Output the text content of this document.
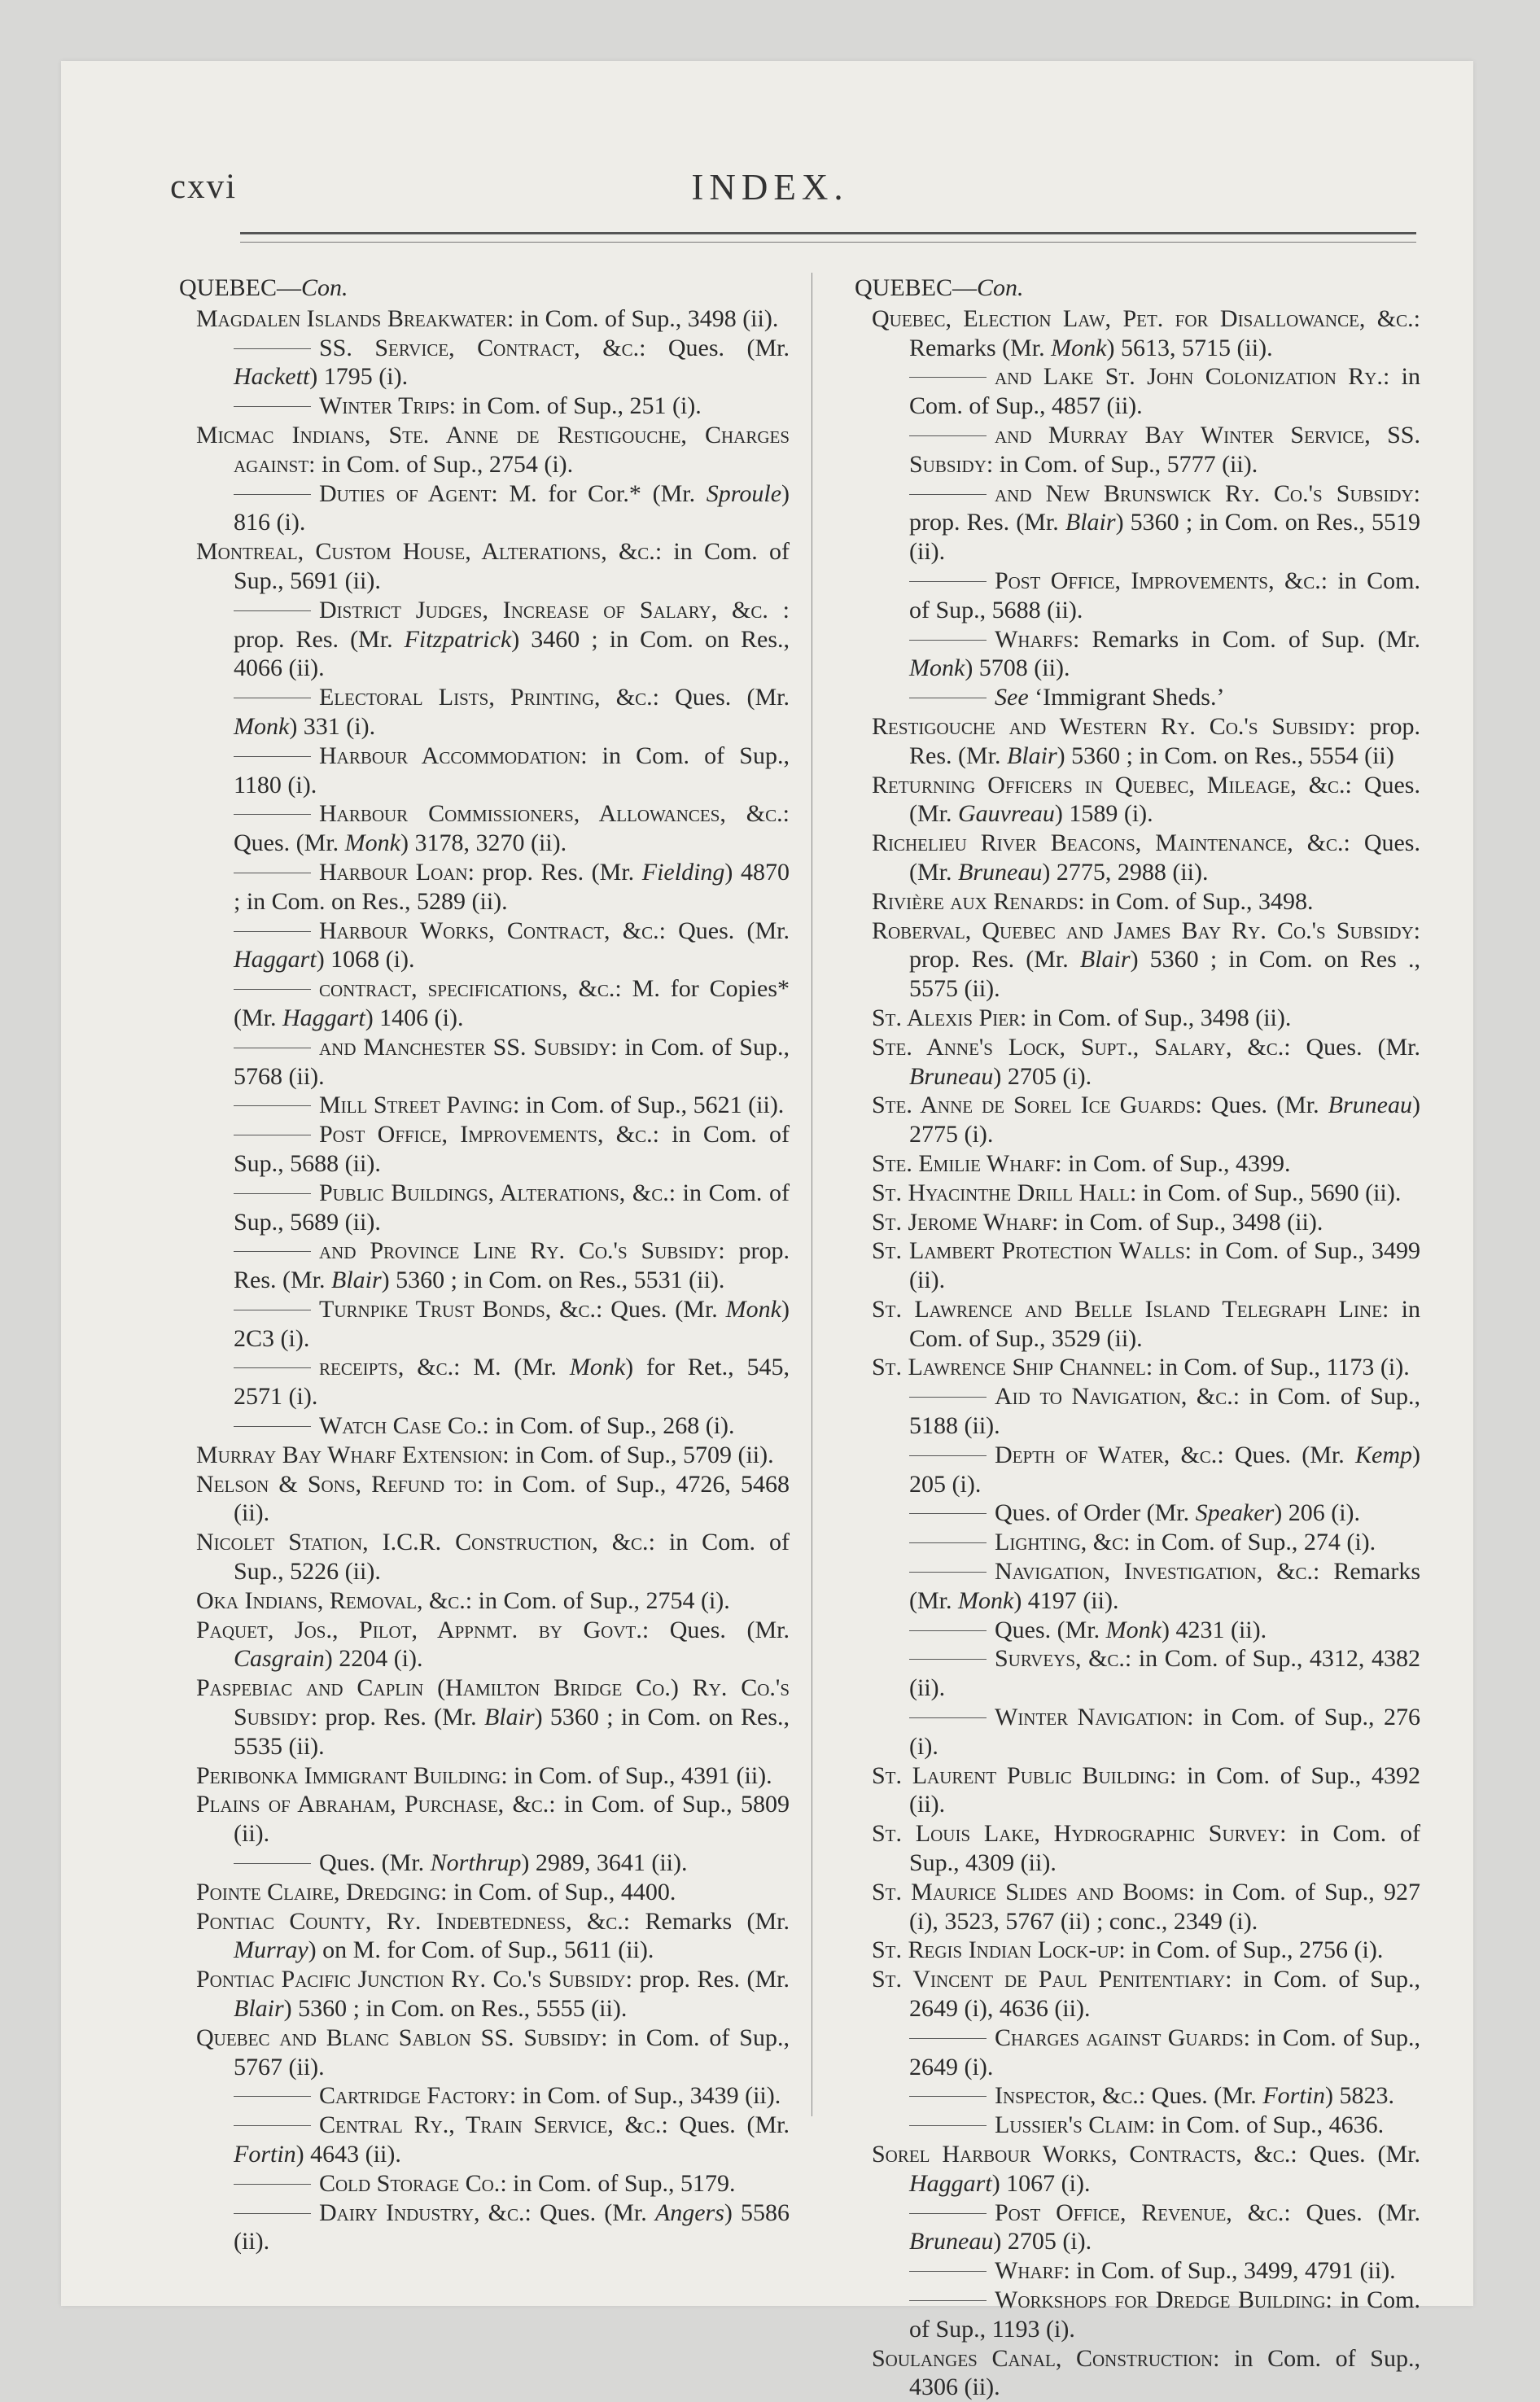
cxvi	INDEX.
QUEBEC—Con.
Magdalen Islands Breakwater: in Com. of Sup., 3498 (ii).
SS. Service, Contract, &c.: Ques. (Mr. Hackett) 1795 (i).
Winter Trips: in Com. of Sup., 251 (i).
Micmac Indians, Ste. Anne de Restigouche, Charges against: in Com. of Sup., 2754 (i).
Duties of Agent: M. for Cor.* (Mr. Sproule) 816 (i).
Montreal, Custom House, Alterations, &c.: in Com. of Sup., 5691 (ii).
District Judges, Increase of Salary, &c. : prop. Res. (Mr. Fitzpatrick) 3460 ; in Com. on Res., 4066 (ii).
Electoral Lists, Printing, &c.: Ques. (Mr. Monk) 331 (i).
Harbour Accommodation: in Com. of Sup., 1180 (i).
Harbour Commissioners, Allowances, &c.: Ques. (Mr. Monk) 3178, 3270 (ii).
Harbour Loan: prop. Res. (Mr. Fielding) 4870 ; in Com. on Res., 5289 (ii).
Harbour Works, Contract, &c.: Ques. (Mr. Haggart) 1068 (i).
contract, specifications, &c.: M. for Copies* (Mr. Haggart) 1406 (i).
and Manchester SS. Subsidy: in Com. of Sup., 5768 (ii).
Mill Street Paving: in Com. of Sup., 5621 (ii).
Post Office, Improvements, &c.: in Com. of Sup., 5688 (ii).
Public Buildings, Alterations, &c.: in Com. of Sup., 5689 (ii).
and Province Line Ry. Co.'s Subsidy: prop. Res. (Mr. Blair) 5360 ; in Com. on Res., 5531 (ii).
Turnpike Trust Bonds, &c.: Ques. (Mr. Monk) 2C3 (i).
receipts, &c.: M. (Mr. Monk) for Ret., 545, 2571 (i).
Watch Case Co.: in Com. of Sup., 268 (i).
Murray Bay Wharf Extension: in Com. of Sup., 5709 (ii).
Nelson & Sons, Refund to: in Com. of Sup., 4726, 5468 (ii).
Nicolet Station, I.C.R. Construction, &c.: in Com. of Sup., 5226 (ii).
Oka Indians, Removal, &c.: in Com. of Sup., 2754 (i).
Paquet, Jos., Pilot, Appnmt. by Govt.: Ques. (Mr. Casgrain) 2204 (i).
Paspebiac and Caplin (Hamilton Bridge Co.) Ry. Co.'s Subsidy: prop. Res. (Mr. Blair) 5360 ; in Com. on Res., 5535 (ii).
Peribonka Immigrant Building: in Com. of Sup., 4391 (ii).
Plains of Abraham, Purchase, &c.: in Com. of Sup., 5809 (ii).
Ques. (Mr. Northrup) 2989, 3641 (ii).
Pointe Claire, Dredging: in Com. of Sup., 4400.
Pontiac County, Ry. Indebtedness, &c.: Remarks (Mr. Murray) on M. for Com. of Sup., 5611 (ii).
Pontiac Pacific Junction Ry. Co.'s Subsidy: prop. Res. (Mr. Blair) 5360 ; in Com. on Res., 5555 (ii).
Quebec and Blanc Sablon SS. Subsidy: in Com. of Sup., 5767 (ii).
Cartridge Factory: in Com. of Sup., 3439 (ii).
Central Ry., Train Service, &c.: Ques. (Mr. Fortin) 4643 (ii).
Cold Storage Co.: in Com. of Sup., 5179.
Dairy Industry, &c.: Ques. (Mr. Angers) 5586 (ii).
QUEBEC—Con.
Quebec, Election Law, Pet. for Disallowance, &c.: Remarks (Mr. Monk) 5613, 5715 (ii).
and Lake St. John Colonization Ry.: in Com. of Sup., 4857 (ii).
and Murray Bay Winter Service, SS. Subsidy: in Com. of Sup., 5777 (ii).
and New Brunswick Ry. Co.'s Subsidy: prop. Res. (Mr. Blair) 5360 ; in Com. on Res., 5519 (ii).
Post Office, Improvements, &c.: in Com. of Sup., 5688 (ii).
Wharfs: Remarks in Com. of Sup. (Mr. Monk) 5708 (ii).
See ‘Immigrant Sheds.’
Restigouche and Western Ry. Co.'s Subsidy: prop. Res. (Mr. Blair) 5360 ; in Com. on Res., 5554 (ii)
Returning Officers in Quebec, Mileage, &c.: Ques. (Mr. Gauvreau) 1589 (i).
Richelieu River Beacons, Maintenance, &c.: Ques. (Mr. Bruneau) 2775, 2988 (ii).
Rivière aux Renards: in Com. of Sup., 3498.
Roberval, Quebec and James Bay Ry. Co.'s Subsidy: prop. Res. (Mr. Blair) 5360 ; in Com. on Res ., 5575 (ii).
St. Alexis Pier: in Com. of Sup., 3498 (ii).
Ste. Anne's Lock, Supt., Salary, &c.: Ques. (Mr. Bruneau) 2705 (i).
Ste. Anne de Sorel Ice Guards: Ques. (Mr. Bruneau) 2775 (i).
Ste. Emilie Wharf: in Com. of Sup., 4399.
St. Hyacinthe Drill Hall: in Com. of Sup., 5690 (ii).
St. Jerome Wharf: in Com. of Sup., 3498 (ii).
St. Lambert Protection Walls: in Com. of Sup., 3499 (ii).
St. Lawrence and Belle Island Telegraph Line: in Com. of Sup., 3529 (ii).
St. Lawrence Ship Channel: in Com. of Sup., 1173 (i).
Aid to Navigation, &c.: in Com. of Sup., 5188 (ii).
Depth of Water, &c.: Ques. (Mr. Kemp) 205 (i).
Ques. of Order (Mr. Speaker) 206 (i).
Lighting, &c: in Com. of Sup., 274 (i).
Navigation, Investigation, &c.: Remarks (Mr. Monk) 4197 (ii).
Ques. (Mr. Monk) 4231 (ii).
Surveys, &c.: in Com. of Sup., 4312, 4382 (ii).
Winter Navigation: in Com. of Sup., 276 (i).
St. Laurent Public Building: in Com. of Sup., 4392 (ii).
St. Louis Lake, Hydrographic Survey: in Com. of Sup., 4309 (ii).
St. Maurice Slides and Booms: in Com. of Sup., 927 (i), 3523, 5767 (ii) ; conc., 2349 (i).
St. Regis Indian Lock-up: in Com. of Sup., 2756 (i).
St. Vincent de Paul Penitentiary: in Com. of Sup., 2649 (i), 4636 (ii).
Charges against Guards: in Com. of Sup., 2649 (i).
Inspector, &c.: Ques. (Mr. Fortin) 5823.
Lussier's Claim: in Com. of Sup., 4636.
Sorel Harbour Works, Contracts, &c.: Ques. (Mr. Haggart) 1067 (i).
Post Office, Revenue, &c.: Ques. (Mr. Bruneau) 2705 (i).
Wharf: in Com. of Sup., 3499, 4791 (ii).
Workshops for Dredge Building: in Com. of Sup., 1193 (i).
Soulanges Canal, Construction: in Com. of Sup., 4306 (ii).
